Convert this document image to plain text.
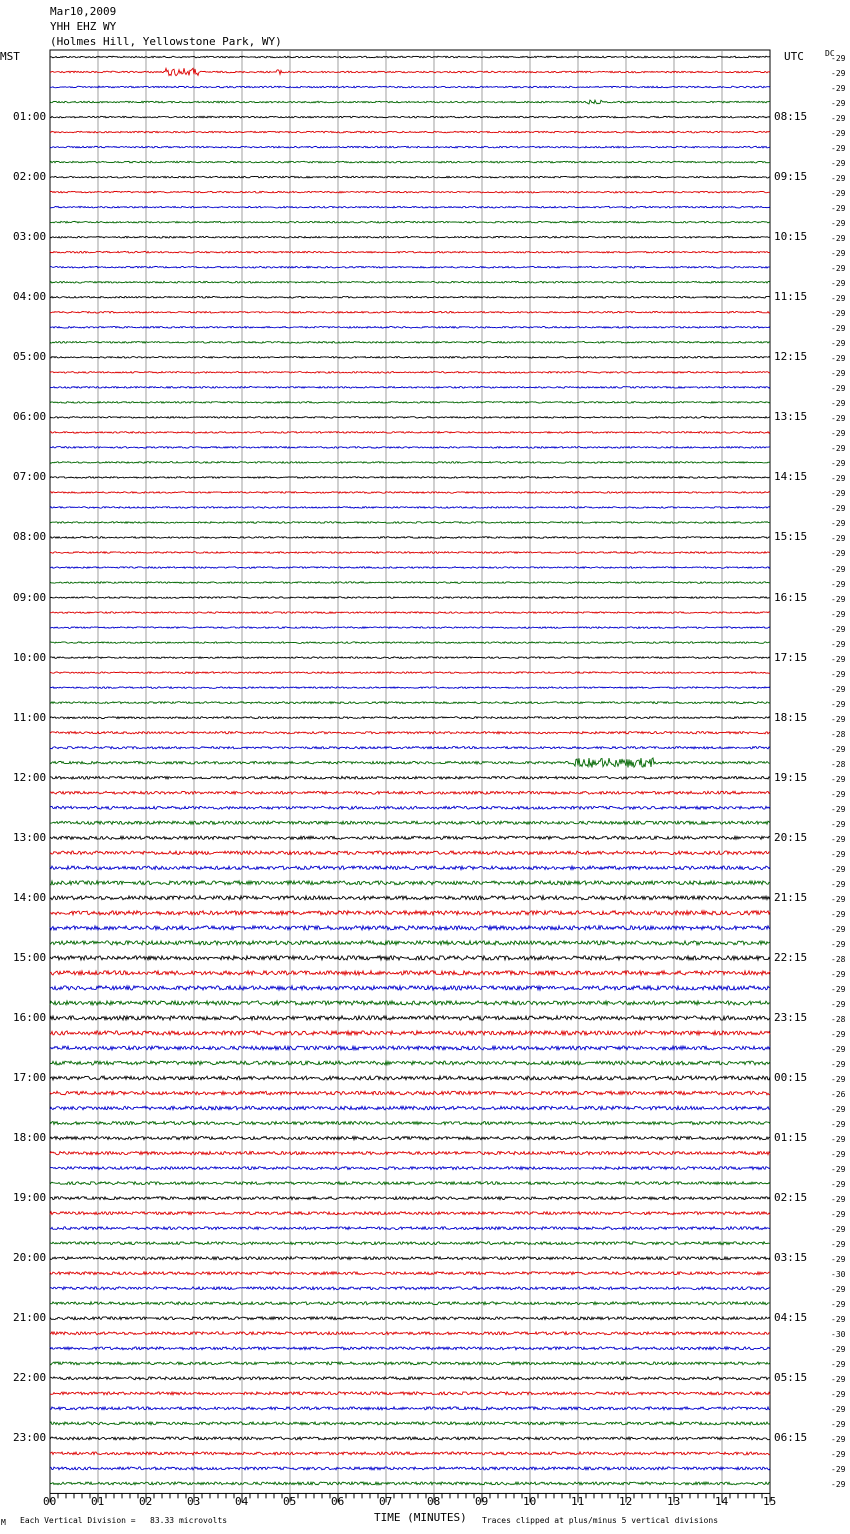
Mar10,2009
YHH EHZ WY
(Holmes Hill, Yellowstone Park, WY)
MST	UTC	DC
01:00
02:00
03:00
04:00
05:00
06:00
07:00
08:00
09:00
10:00
11:00
12:00
13:00
14:00
15:00
16:00
17:00
18:00
19:00
20:00
21:00
22:00
23:00
08:15
09:15
10:15
11:15
12:15
13:15
14:15
15:15
16:15
17:15
18:15
19:15
20:15
21:15
22:15
23:15
00:15
01:15
02:15
03:15
04:15
05:15
06:15
-29
-29
-29
-29
-29
-29
-29
-29
-29
-29
-29
-29
-29
-29
-29
-29
-29
-29
-29
-29
-29
-29
-29
-29
-29
-29
-29
-29
-29
-29
-29
-29
-29
-29
-29
-29
-29
-29
-29
-29
-29
-29
-29
-29
-29
-28
-29
-28
-29
-29
-29
-29
-29
-29
-29
-29
-29
-29
-29
-29
-28
-29
-29
-29
-28
-29
-29
-29
-29
-26
-29
-29
-29
-29
-29
-29
-29
-29
-29
-29
-29
-30
-29
-29
-29
-30
-29
-29
-29
-29
-29
-29
-29
-29
-29
-29
00	01	02	03	04	05	06	07	08	09	10	11	12	13	14	15
M Each Vertical Division =   83.33 microvolts	TIME (MINUTES) Traces clipped at plus/minus 5 vertical divisions
